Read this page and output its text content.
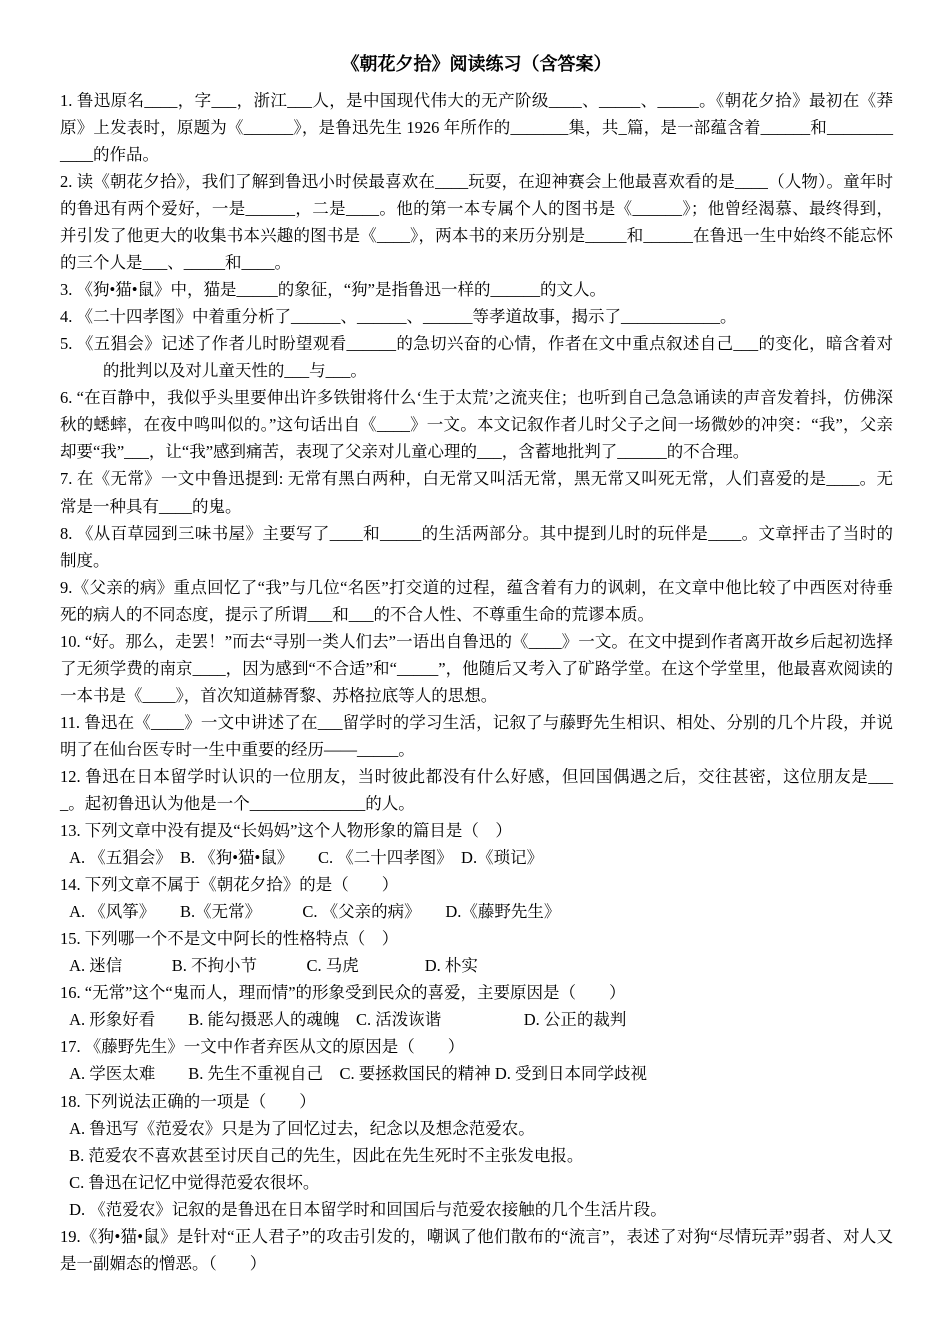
《朝花夕拾》阅读练习（含答案）

1. 鲁迅原名____，字___，浙江___人，是中国现代伟大的无产阶级____、_____、_____。《朝花夕拾》最初在《莽原》上发表时，原题为《______》，是鲁迅先生 1926 年所作的_______集，共_篇，是一部蕴含着______和____________的作品。

2. 读《朝花夕拾》，我们了解到鲁迅小时侯最喜欢在____玩耍，在迎神赛会上他最喜欢看的是____（人物）。童年时的鲁迅有两个爱好，一是______，二是____。他的第一本专属个人的图书是《______》；他曾经渴慕、最终得到，并引发了他更大的收集书本兴趣的图书是《____》，两本书的来历分别是_____和______在鲁迅一生中始终不能忘怀的三个人是___、_____和____。

3. 《狗•猫•鼠》中，猫是_____的象征，“狗”是指鲁迅一样的______的文人。

4. 《二十四孝图》中着重分析了______、______、______等孝道故事，揭示了____________。

5. 《五猖会》记述了作者儿时盼望观看______的急切兴奋的心情，作者在文中重点叙述自己___的变化，暗含着对的批判以及对儿童天性的___与___。

6. “在百静中，我似乎头里要伸出许多铁钳将什么‘生于太荒’之流夹住；也听到自己急急诵读的声音发着抖，仿佛深秋的蟋蟀，在夜中鸣叫似的。”这句话出自《____》一文。本文记叙作者儿时父子之间一场微妙的冲突：“我”，父亲却要“我”___，让“我”感到痛苦，表现了父亲对儿童心理的___，含蓄地批判了______的不合理。

7. 在《无常》一文中鲁迅提到: 无常有黑白两种，白无常又叫活无常，黑无常又叫死无常，人们喜爱的是____。无常是一种具有____的鬼。

8. 《从百草园到三味书屋》主要写了____和_____的生活两部分。其中提到儿时的玩伴是____。文章抨击了当时的制度。

9.《父亲的病》重点回忆了“我”与几位“名医”打交道的过程，蕴含着有力的讽刺，在文章中他比较了中西医对待垂死的病人的不同态度，提示了所谓___和___的不合人性、不尊重生命的荒谬本质。

10. “好。那么，走罢！”而去“寻别一类人们去”一语出自鲁迅的《____》一文。在文中提到作者离开故乡后起初选择了无须学费的南京____，因为感到“不合适”和“_____”，他随后又考入了矿路学堂。在这个学堂里，他最喜欢阅读的一本书是《____》，首次知道赫胥黎、苏格拉底等人的思想。

11. 鲁迅在《____》一文中讲述了在___留学时的学习生活，记叙了与藤野先生相识、相处、分别的几个片段，并说明了在仙台医专时一生中重要的经历——_____。

12. 鲁迅在日本留学时认识的一位朋友，当时彼此都没有什么好感，但回国偶遇之后，交往甚密，这位朋友是____。起初鲁迅认为他是一个______________的人。

13. 下列文章中没有提及“长妈妈”这个人物形象的篇目是（　）

A. 《五猖会》　B. 《狗•猫•鼠》　　C. 《二十四孝图》　D.《琐记》

14. 下列文章不属于《朝花夕拾》的是（　　）

A. 《风筝》　　B.《无常》　　　C. 《父亲的病》　　D.《藤野先生》

15. 下列哪一个不是文中阿长的性格特点（　）

A. 迷信　　　B. 不拘小节　　　C. 马虎　　　　D. 朴实

16. “无常”这个“鬼而人，理而情”的形象受到民众的喜爱，主要原因是（　　）

A. 形象好看　　B. 能勾摄恶人的魂魄　C. 活泼诙谐　　　　　D. 公正的裁判

17. 《藤野先生》一文中作者弃医从文的原因是（　　）

A. 学医太难　　B. 先生不重视自己　C. 要拯救国民的精神 D. 受到日本同学歧视

18. 下列说法正确的一项是（　　）

A. 鲁迅写《范爱农》只是为了回忆过去，纪念以及想念范爱农。

B. 范爱农不喜欢甚至讨厌自己的先生，因此在先生死时不主张发电报。

C. 鲁迅在记忆中觉得范爱农很坏。

D. 《范爱农》记叙的是鲁迅在日本留学时和回国后与范爱农接触的几个生活片段。

19.《狗•猫•鼠》是针对“正人君子”的攻击引发的，嘲讽了他们散布的“流言”，表述了对狗“尽情玩弄”弱者、对人又是一副媚态的憎恶。（　　）
